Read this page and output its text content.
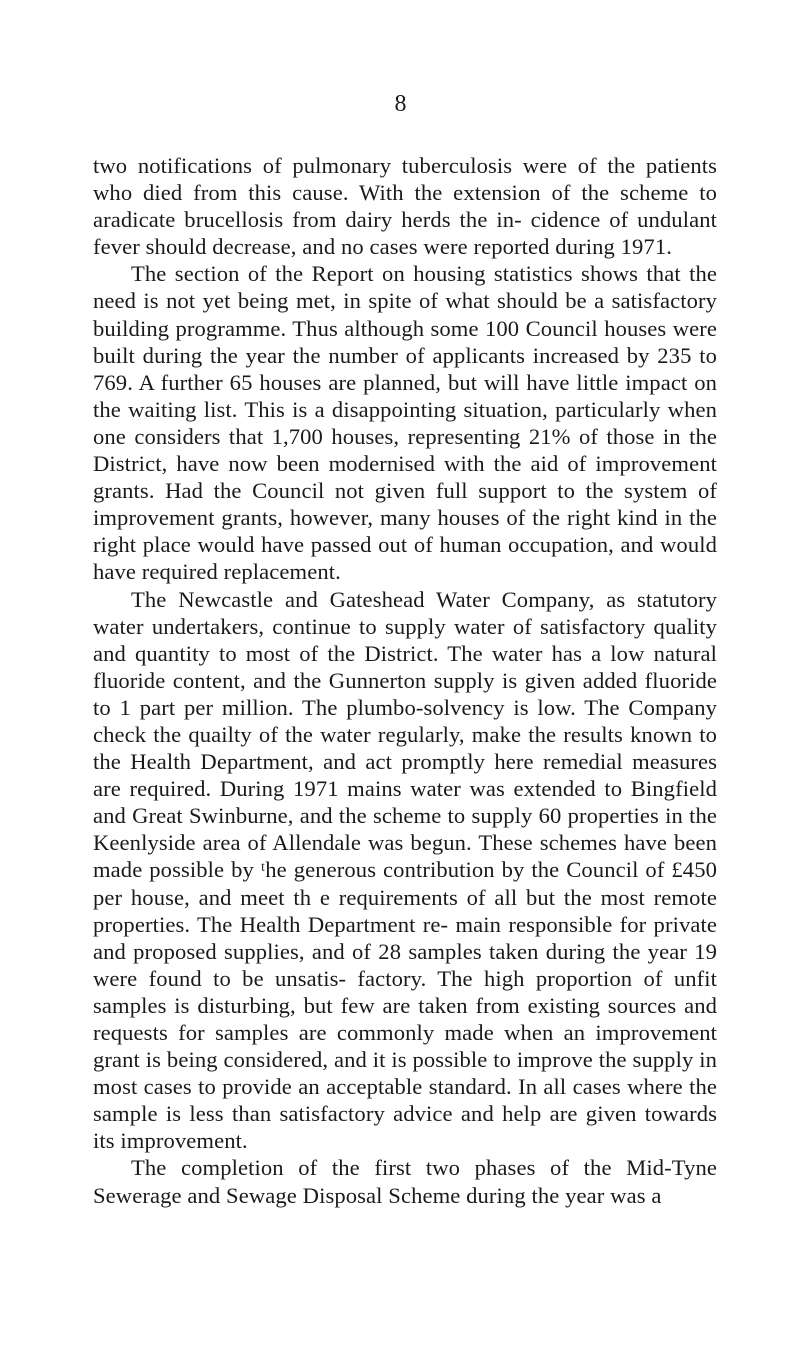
8

two notifications of pulmonary tuberculosis were of the patients who died from this cause. With the extension of the scheme to aradicate brucellosis from dairy herds the in- cidence of undulant fever should decrease, and no cases were reported during 1971.

The section of the Report on housing statistics shows that the need is not yet being met, in spite of what should be a satisfactory building programme. Thus although some 100 Council houses were built during the year the number of applicants increased by 235 to 769. A further 65 houses are planned, but will have little impact on the waiting list. This is a disappointing situation, particularly when one considers that 1,700 houses, representing 21% of those in the District, have now been modernised with the aid of improvement grants. Had the Council not given full support to the system of improvement grants, however, many houses of the right kind in the right place would have passed out of human occupation, and would have required replacement.

The Newcastle and Gateshead Water Company, as statutory water undertakers, continue to supply water of satisfactory quality and quantity to most of the District. The water has a low natural fluoride content, and the Gunnerton supply is given added fluoride to 1 part per million. The plumbo-solvency is low. The Company check the quailty of the water regularly, make the results known to the Health Department, and act promptly here remedial measures are required. During 1971 mains water was extended to Bingfield and Great Swinburne, and the scheme to supply 60 properties in the Keenlyside area of Allendale was begun. These schemes have been made possible by ᵗhe generous contribution by the Council of £450 per house, and meet th e requirements of all but the most remote properties. The Health Department re- main responsible for private and proposed supplies, and of 28 samples taken during the year 19 were found to be unsatis- factory. The high proportion of unfit samples is disturbing, but few are taken from existing sources and requests for samples are commonly made when an improvement grant is being considered, and it is possible to improve the supply in most cases to provide an acceptable standard. In all cases where the sample is less than satisfactory advice and help are given towards its improvement.

The completion of the first two phases of the Mid-Tyne Sewerage and Sewage Disposal Scheme during the year was a
